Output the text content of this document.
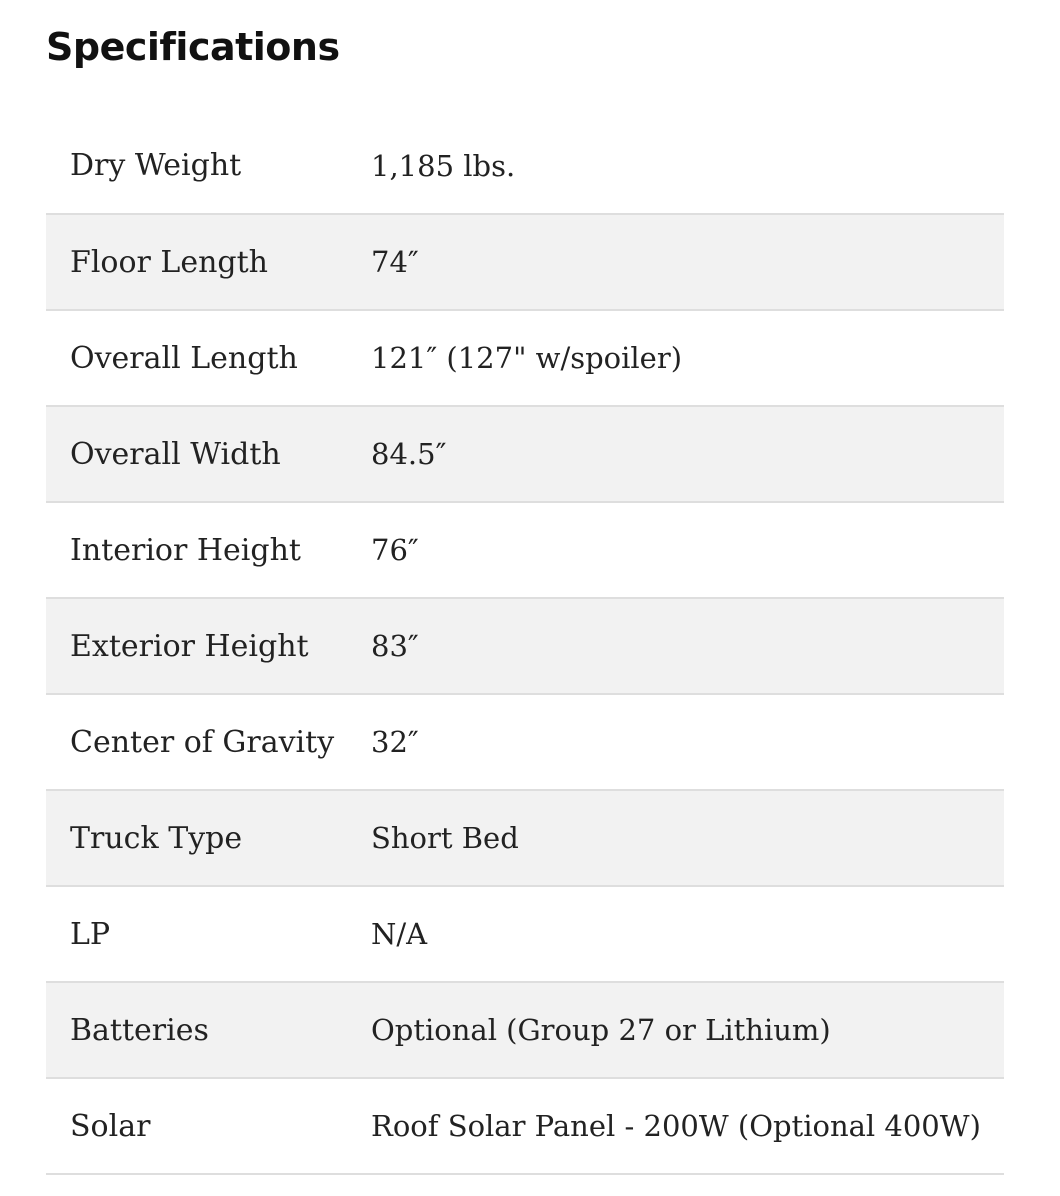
Specifications
Dry Weight	1,185 lbs.
Floor Length	74″
Overall Length	121″ (127" w/spoiler)
Overall Width	84.5″
Interior Height	76″
Exterior Height	83″
Center of Gravity	32″
Truck Type	Short Bed
LP	N/A
Batteries	Optional (Group 27 or Lithium)
Solar	Roof Solar Panel - 200W (Optional 400W)
